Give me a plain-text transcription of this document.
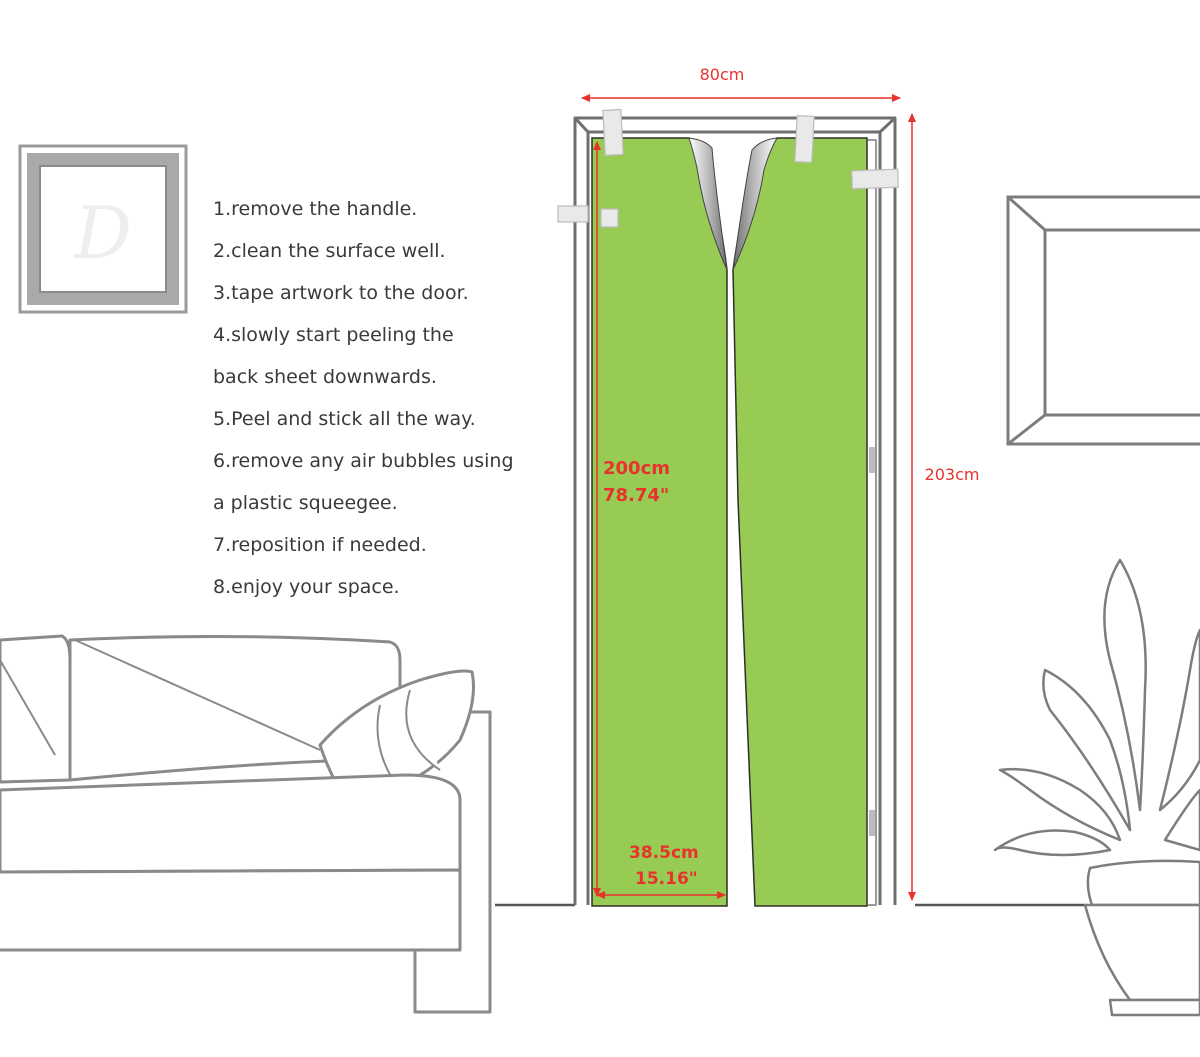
D
80cm
203cm
200cm
78.74"
38.5cm
15.16"
1.remove the handle.
2.clean the surface well.
3.tape artwork to the door.
4.slowly start peeling the
back sheet downwards.
5.Peel and stick all the way.
6.remove any air bubbles using
a plastic squeegee.
7.reposition if needed.
8.enjoy your space.
